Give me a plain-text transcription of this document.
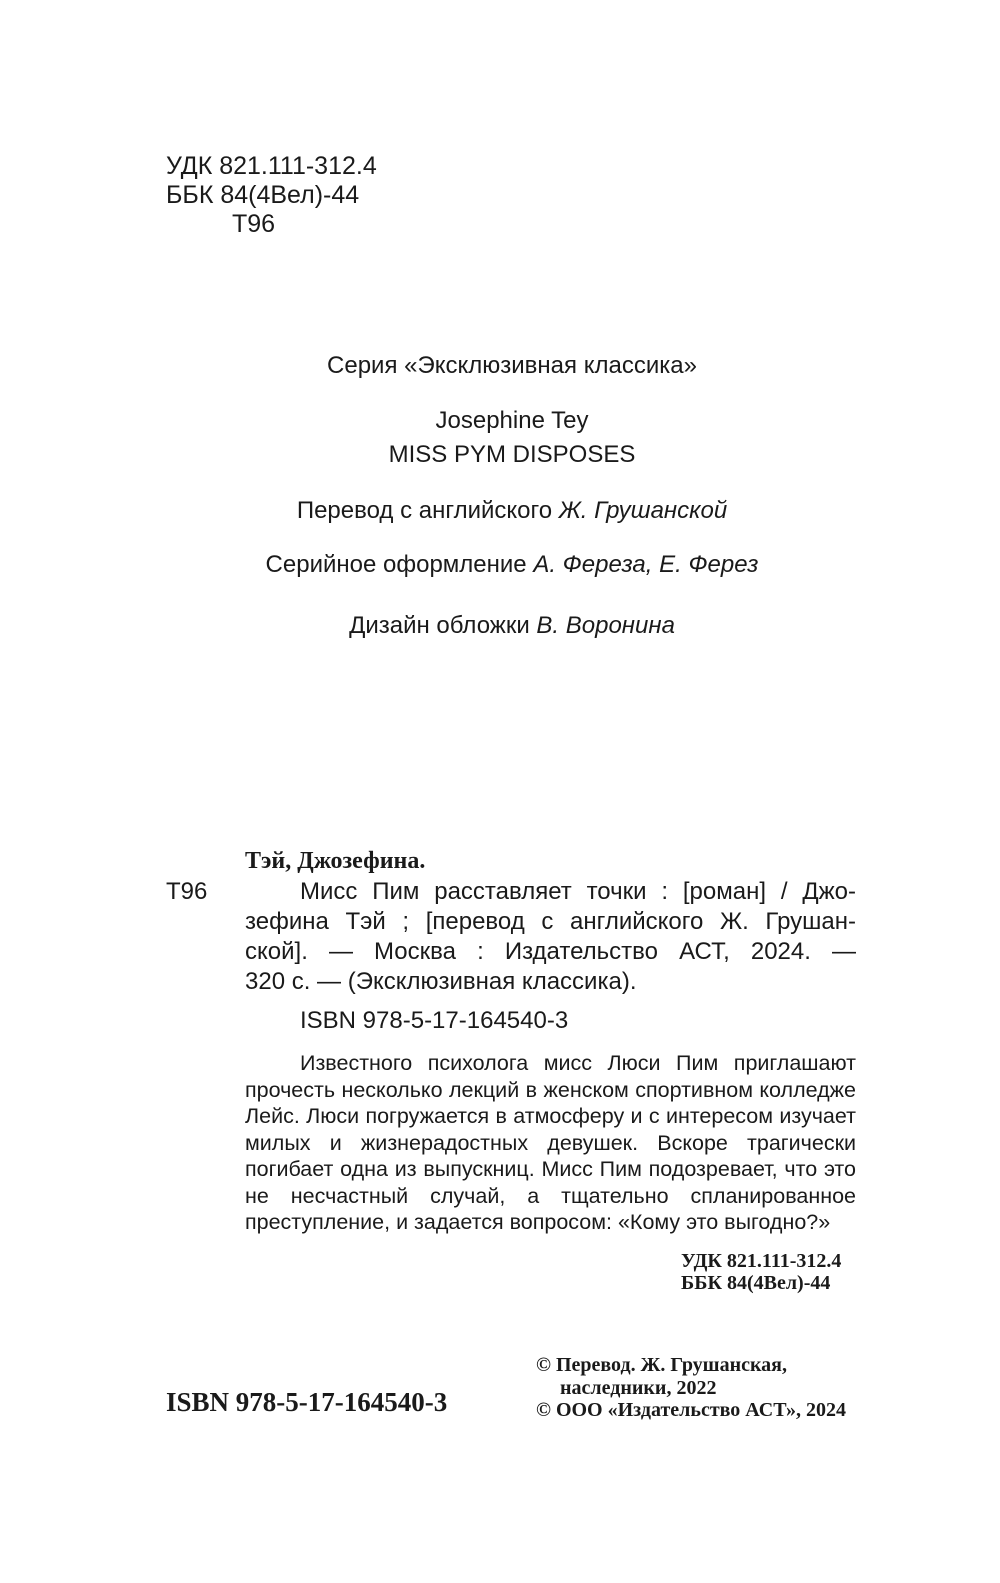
УДК 821.111-312.4
ББК 84(4Вел)-44
Т96
Серия «Эксклюзивная классика»
Josephine Tey
MISS PYM DISPOSES
Перевод с английского Ж. Грушанской
Серийное оформление А. Фереза, Е. Ферез
Дизайн обложки В. Воронина
Тэй, Джозефина.
Т96	Мисс Пим расставляет точки : [роман] / Джо-
зефина Тэй ; [перевод с английского Ж. Грушан-
ской]. — Москва : Издательство АСТ, 2024. —
320 с. — (Эксклюзивная классика).
ISBN 978-5-17-164540-3
Известного психолога мисс Люси Пим приглашают прочесть несколько лекций в женском спортивном колледже Лейс. Люси погружается в атмосферу и с интересом изучает милых и жизнерадостных девушек. Вскоре трагически погибает одна из выпускниц. Мисс Пим подозревает, что это не несчастный случай, а тщательно спланированное преступление, и задается вопросом: «Кому это выгодно?»
УДК 821.111-312.4
ББК 84(4Вел)-44
ISBN 978-5-17-164540-3
© Перевод. Ж. Грушанская,
наследники, 2022
© ООО «Издательство АСТ», 2024
